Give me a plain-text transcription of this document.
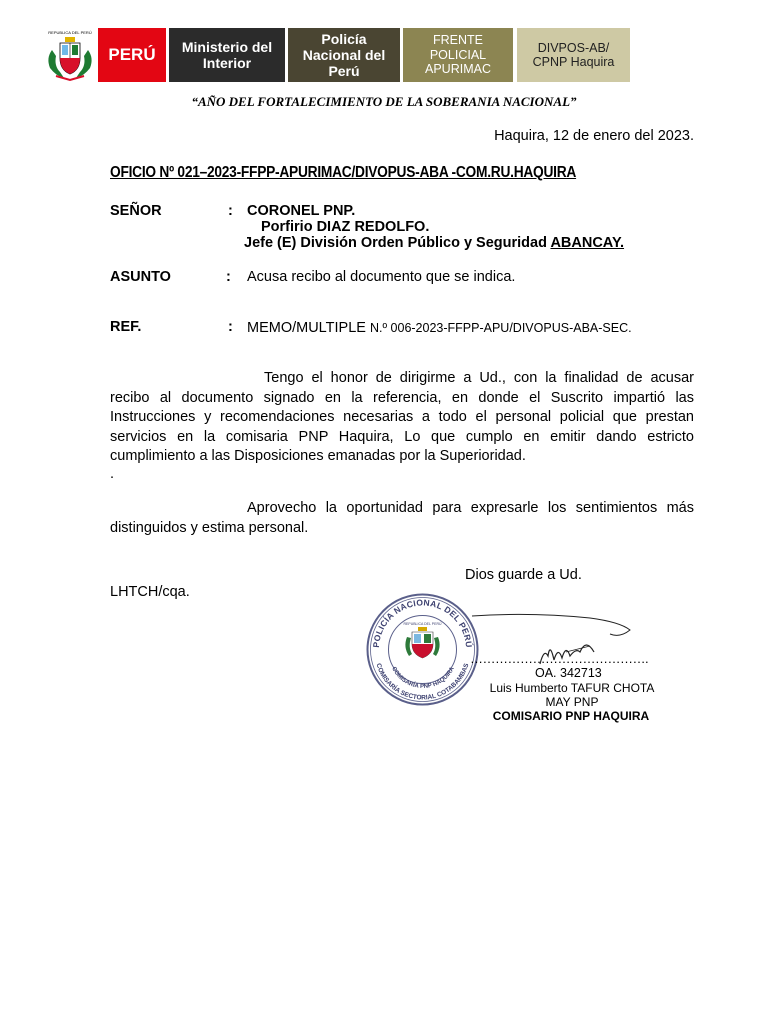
REPUBLICA DEL PERÚ
PERÚ	Ministerio del
Interior
Policía
Nacional del
Perú
FRENTE
POLICIAL
APURIMAC
DIVPOS-AB/
CPNP Haquira
“AÑO DEL FORTALECIMIENTO DE LA SOBERANIA NACIONAL”
Haquira, 12 de enero del 2023.
OFICIO Nº 021–2023-FFPP-APURIMAC/DIVOPUS-ABA -COM.RU.HAQUIRA
SEÑOR	: CORONEL PNP.
Porfirio DIAZ REDOLFO.
Jefe (E) División Orden Público y Seguridad ABANCAY.
ASUNTO	: Acusa recibo al documento que se indica.
REF.	: MEMO/MULTIPLE N.º 006-2023-FFPP-APU/DIVOPUS-ABA-SEC.
Tengo el honor de dirigirme a Ud., con la finalidad de acusar recibo al documento signado en la referencia, en donde el Suscrito impartió las Instrucciones y recomendaciones necesarias a todo el personal policial que prestan servicios en la comisaria PNP Haquira, Lo que cumplo en emitir dando estricto cumplimiento a las Disposiciones emanadas por la Superioridad.
.
Aprovecho la oportunidad para expresarle los sentimientos más distinguidos y estima personal.
Dios guarde a Ud.
LHTCH/cqa.
POLICÍA NACIONAL DEL PERÚ
COMISARÍA SECTORIAL COTABAMBAS
COMISARÍA PNP HAQUIRA
REPUBLICA DEL PERÚ
…………………………………….
OA. 342713
Luis Humberto TAFUR CHOTA
MAY PNP
COMISARIO PNP HAQUIRA
